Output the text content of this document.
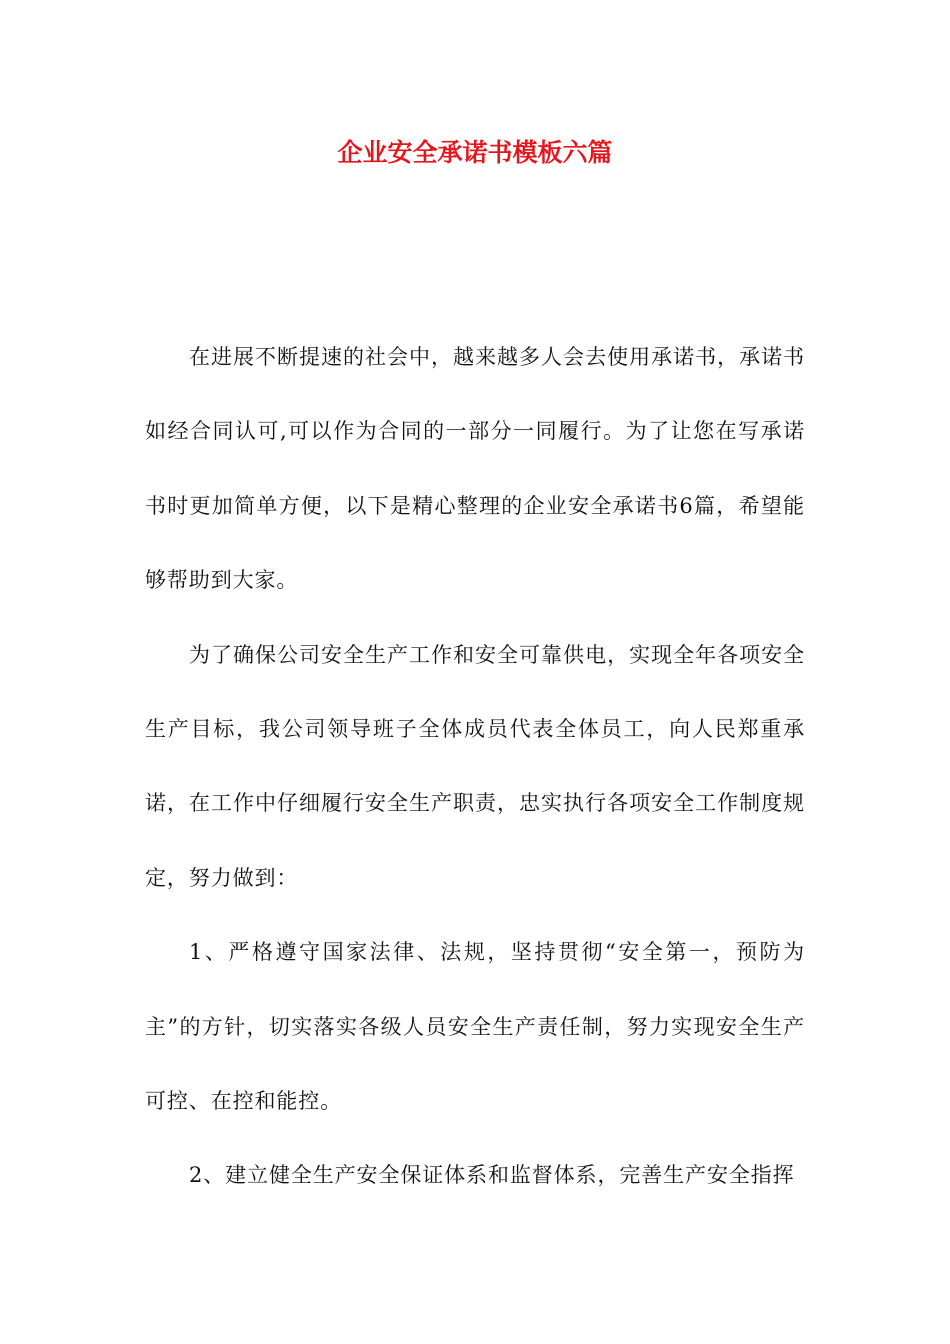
企业安全承诺书模板六篇

在进展不断提速的社会中，越来越多人会去使用承诺书，承诺书如经合同认可,可以作为合同的一部分一同履行。为了让您在写承诺书时更加简单方便，以下是精心整理的企业安全承诺书6篇，希望能够帮助到大家。

为了确保公司安全生产工作和安全可靠供电，实现全年各项安全生产目标，我公司领导班子全体成员代表全体员工，向人民郑重承诺，在工作中仔细履行安全生产职责，忠实执行各项安全工作制度规定，努力做到：

1、严格遵守国家法律、法规，坚持贯彻“安全第一，预防为主”的方针，切实落实各级人员安全生产责任制，努力实现安全生产可控、在控和能控。

2、建立健全生产安全保证体系和监督体系，完善生产安全指挥
